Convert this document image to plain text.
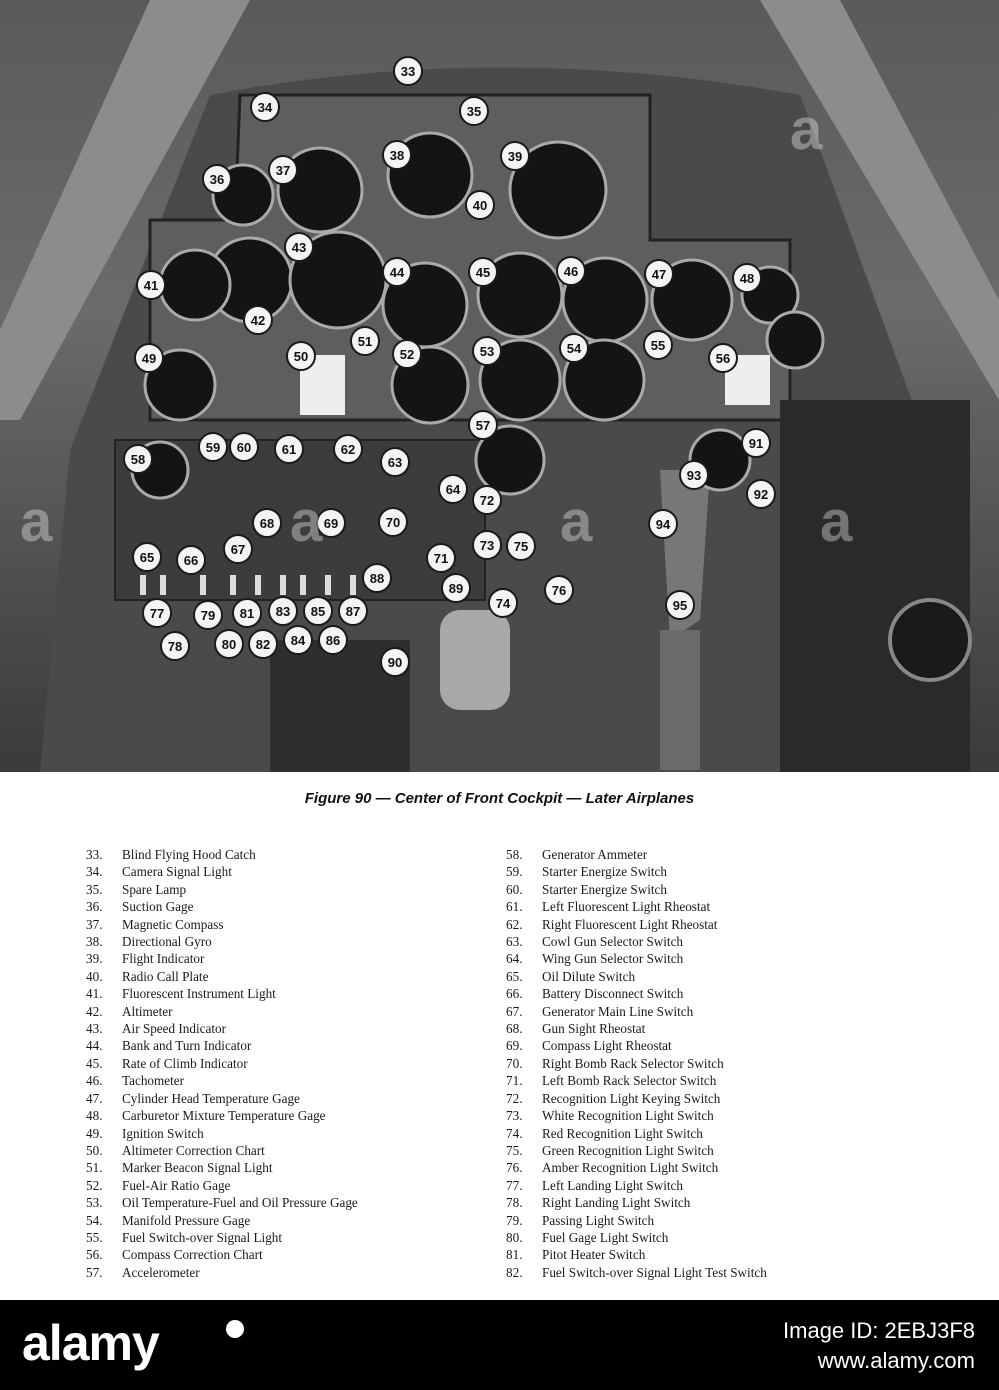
33
34	35
36
37
38	39
40
41
42
43
44	45	46	47	48
49	50
51
52	53	54	55
56
57
58
59	60	61	62
63
64
65	66
67
68	69	70
71
72
73	75
74
76
77
78
79
80
81
82
83
84
85
86
87
88
89
90
91
92
93
94
95
a	a	a	a
a
Figure 90 — Center of Front Cockpit — Later Airplanes
33.	Blind Flying Hood Catch
34.	Camera Signal Light
35.	Spare Lamp
36.	Suction Gage
37.	Magnetic Compass
38.	Directional Gyro
39.	Flight Indicator
40.	Radio Call Plate
41.	Fluorescent Instrument Light
42.	Altimeter
43.	Air Speed Indicator
44.	Bank and Turn Indicator
45.	Rate of Climb Indicator
46.	Tachometer
47.	Cylinder Head Temperature Gage
48.	Carburetor Mixture Temperature Gage
49.	Ignition Switch
50.	Altimeter Correction Chart
51.	Marker Beacon Signal Light
52.	Fuel-Air Ratio Gage
53.	Oil Temperature-Fuel and Oil Pressure Gage
54.	Manifold Pressure Gage
55.	Fuel Switch-over Signal Light
56.	Compass Correction Chart
57.	Accelerometer
58.	Generator Ammeter
59.	Starter Energize Switch
60.	Starter Energize Switch
61.	Left Fluorescent Light Rheostat
62.	Right Fluorescent Light Rheostat
63.	Cowl Gun Selector Switch
64.	Wing Gun Selector Switch
65.	Oil Dilute Switch
66.	Battery Disconnect Switch
67.	Generator Main Line Switch
68.	Gun Sight Rheostat
69.	Compass Light Rheostat
70.	Right Bomb Rack Selector Switch
71.	Left Bomb Rack Selector Switch
72.	Recognition Light Keying Switch
73.	White Recognition Light Switch
74.	Red Recognition Light Switch
75.	Green Recognition Light Switch
76.	Amber Recognition Light Switch
77.	Left Landing Light Switch
78.	Right Landing Light Switch
79.	Passing Light Switch
80.	Fuel Gage Light Switch
81.	Pitot Heater Switch
82.	Fuel Switch-over Signal Light Test Switch
alamy	Image ID: 2EBJ3F8
www.alamy.com
